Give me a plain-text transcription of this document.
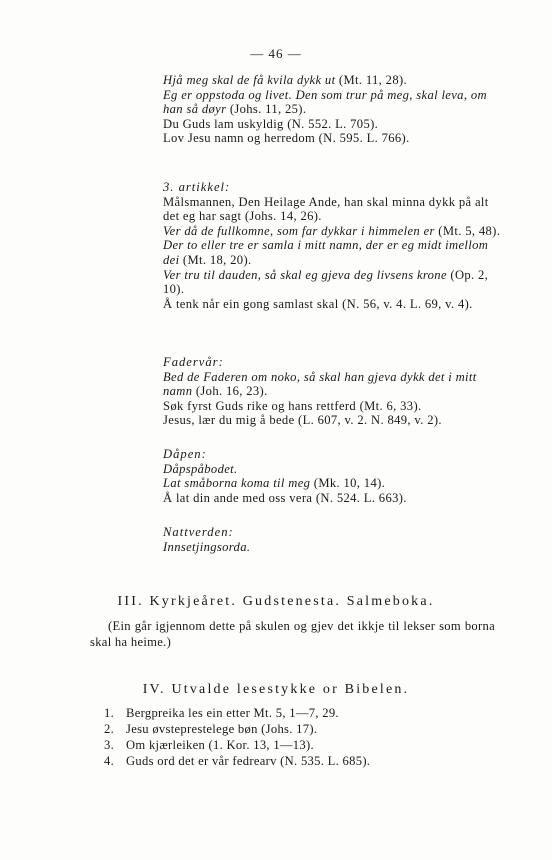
— 46 —

Hjå meg skal de få kvila dykk ut (Mt. 11, 28).

Eg er oppstoda og livet. Den som trur på meg, skal leva, om han så døyr (Johs. 11, 25).

Du Guds lam uskyldig (N. 552. L. 705).

Lov Jesu namn og herredom (N. 595. L. 766).

3. artikkel:

Målsmannen, Den Heilage Ande, han skal minna dykk på alt det eg har sagt (Johs. 14, 26).

Ver då de fullkomne, som far dykkar i himmelen er (Mt. 5, 48).

Der to eller tre er samla i mitt namn, der er eg midt imellom dei (Mt. 18, 20).

Ver tru til dauden, så skal eg gjeva deg livsens krone (Op. 2, 10).

Å tenk når ein gong samlast skal (N. 56, v. 4. L. 69, v. 4).

Fadervår:

Bed de Faderen om noko, så skal han gjeva dykk det i mitt namn (Joh. 16, 23).

Søk fyrst Guds rike og hans rettferd (Mt. 6, 33).

Jesus, lær du mig å bede (L. 607, v. 2. N. 849, v. 2).

Dåpen:

Dåpspåbodet.

Lat småborna koma til meg (Mk. 10, 14).

Å lat din ande med oss vera (N. 524. L. 663).

Nattverden:

Innsetjingsorda.

III. Kyrkjeåret. Gudstenesta. Salmeboka.
(Ein går igjennom dette på skulen og gjev det ikkje til lekser som borna skal ha heime.)
IV. Utvalde lesestykke or Bibelen.
1. Bergpreika les ein etter Mt. 5, 1—7, 29.
2. Jesu øvsteprestelege bøn (Johs. 17).
3. Om kjærleiken (1. Kor. 13, 1—13).
4. Guds ord det er vår fedrearv (N. 535. L. 685).
